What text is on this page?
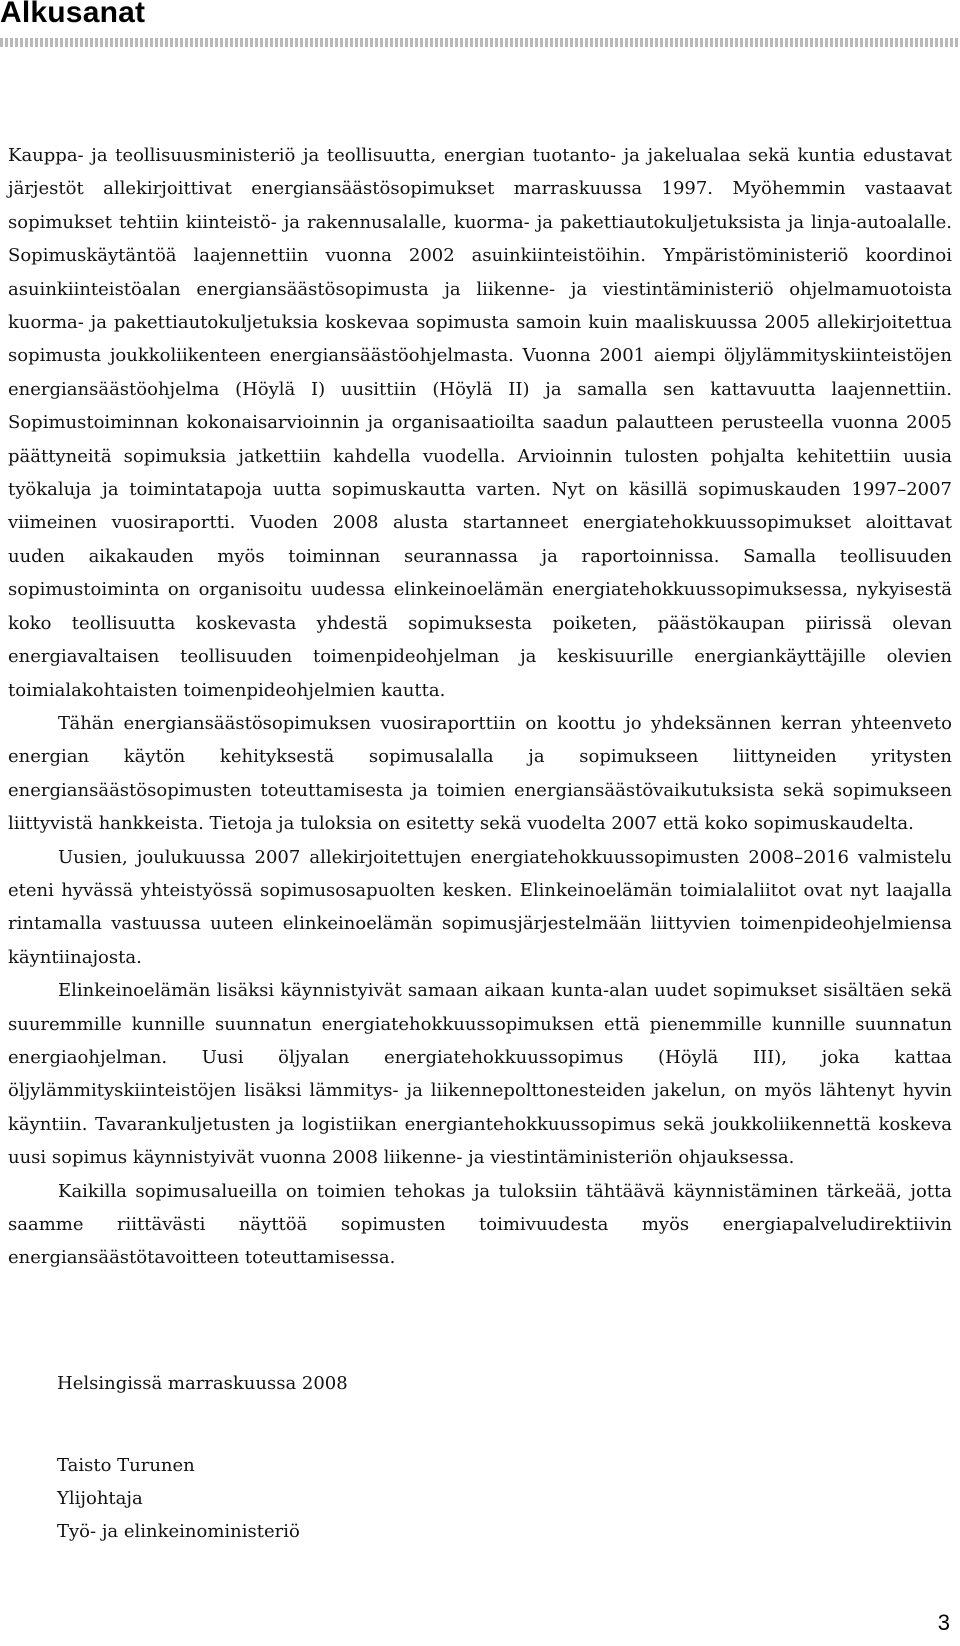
Alkusanat

Kauppa- ja teollisuusministeriö ja teollisuutta, energian tuotanto- ja jakelualaa sekä kuntia edustavat järjestöt allekirjoittivat energiansäästösopimukset marraskuussa 1997. Myöhemmin vastaavat sopimukset tehtiin kiinteistö- ja rakennusalalle, kuorma- ja pakettiautokuljetuksista ja linja-autoalalle. Sopimuskäytäntöä laajennettiin vuonna 2002 asuinkiinteistöihin. Ympäristöministeriö koordinoi asuinkiinteistöalan energiansäästösopimusta ja liikenne- ja viestintäministeriö ohjelmamuotoista kuorma- ja pakettiautokuljetuksia koskevaa sopimusta samoin kuin maaliskuussa 2005 allekirjoitettua sopimusta joukkoliikenteen energiansäästöohjelmasta. Vuonna 2001 aiempi öljylämmityskiinteistöjen energiansäästöohjelma (Höylä I) uusittiin (Höylä II) ja samalla sen kattavuutta laajennettiin. Sopimustoiminnan kokonaisarvioinnin ja organisaatioilta saadun palautteen perusteella vuonna 2005 päättyneitä sopimuksia jatkettiin kahdella vuodella. Arvioinnin tulosten pohjalta kehitettiin uusia työkaluja ja toimintatapoja uutta sopimuskautta varten. Nyt on käsillä sopimuskauden 1997–2007 viimeinen vuosiraportti. Vuoden 2008 alusta startanneet energiatehokkuussopimukset aloittavat uuden aikakauden myös toiminnan seurannassa ja raportoinnissa. Samalla teollisuuden sopimustoiminta on organisoitu uudessa elinkeinoelämän energiatehokkuussopimuksessa, nykyisestä koko teollisuutta koskevasta yhdestä sopimuksesta poiketen, päästökaupan piirissä olevan energiavaltaisen teollisuuden toimenpideohjelman ja keskisuurille energiankäyttäjille olevien toimialakohtaisten toimenpideohjelmien kautta.

Tähän energiansäästösopimuksen vuosiraporttiin on koottu jo yhdeksännen kerran yhteenveto energian käytön kehityksestä sopimusalalla ja sopimukseen liittyneiden yritysten energiansäästösopimusten toteuttamisesta ja toimien energiansäästövaikutuksista sekä sopimukseen liittyvistä hankkeista. Tietoja ja tuloksia on esitetty sekä vuodelta 2007 että koko sopimuskaudelta.

Uusien, joulukuussa 2007 allekirjoitettujen energiatehokkuussopimusten 2008–2016 valmistelu eteni hyvässä yhteistyössä sopimusosapuolten kesken. Elinkeinoelämän toimialaliitot ovat nyt laajalla rintamalla vastuussa uuteen elinkeinoelämän sopimusjärjestelmään liittyvien toimenpideohjelmiensa käyntiinajosta.

Elinkeinoelämän lisäksi käynnistyivät samaan aikaan kunta-alan uudet sopimukset sisältäen sekä suuremmille kunnille suunnatun energiatehokkuussopimuksen että pienemmille kunnille suunnatun energiaohjelman. Uusi öljyalan energiatehokkuussopimus (Höylä III), joka kattaa öljylämmityskiinteistöjen lisäksi lämmitys- ja liikennepolttonesteiden jakelun, on myös lähtenyt hyvin käyntiin. Tavarankuljetusten ja logistiikan energiantehokkuussopimus sekä joukkoliikennettä koskeva uusi sopimus käynnistyivät vuonna 2008 liikenne- ja viestintäministeriön ohjauksessa.

Kaikilla sopimusalueilla on toimien tehokas ja tuloksiin tähtäävä käynnistäminen tärkeää, jotta saamme riittävästi näyttöä sopimusten toimivuudesta myös energiapalveludirektiivin energiansäästötavoitteen toteuttamisessa.

Helsingissä marraskuussa 2008
Taisto Turunen
Ylijohtaja
Työ- ja elinkeinoministeriö
3
